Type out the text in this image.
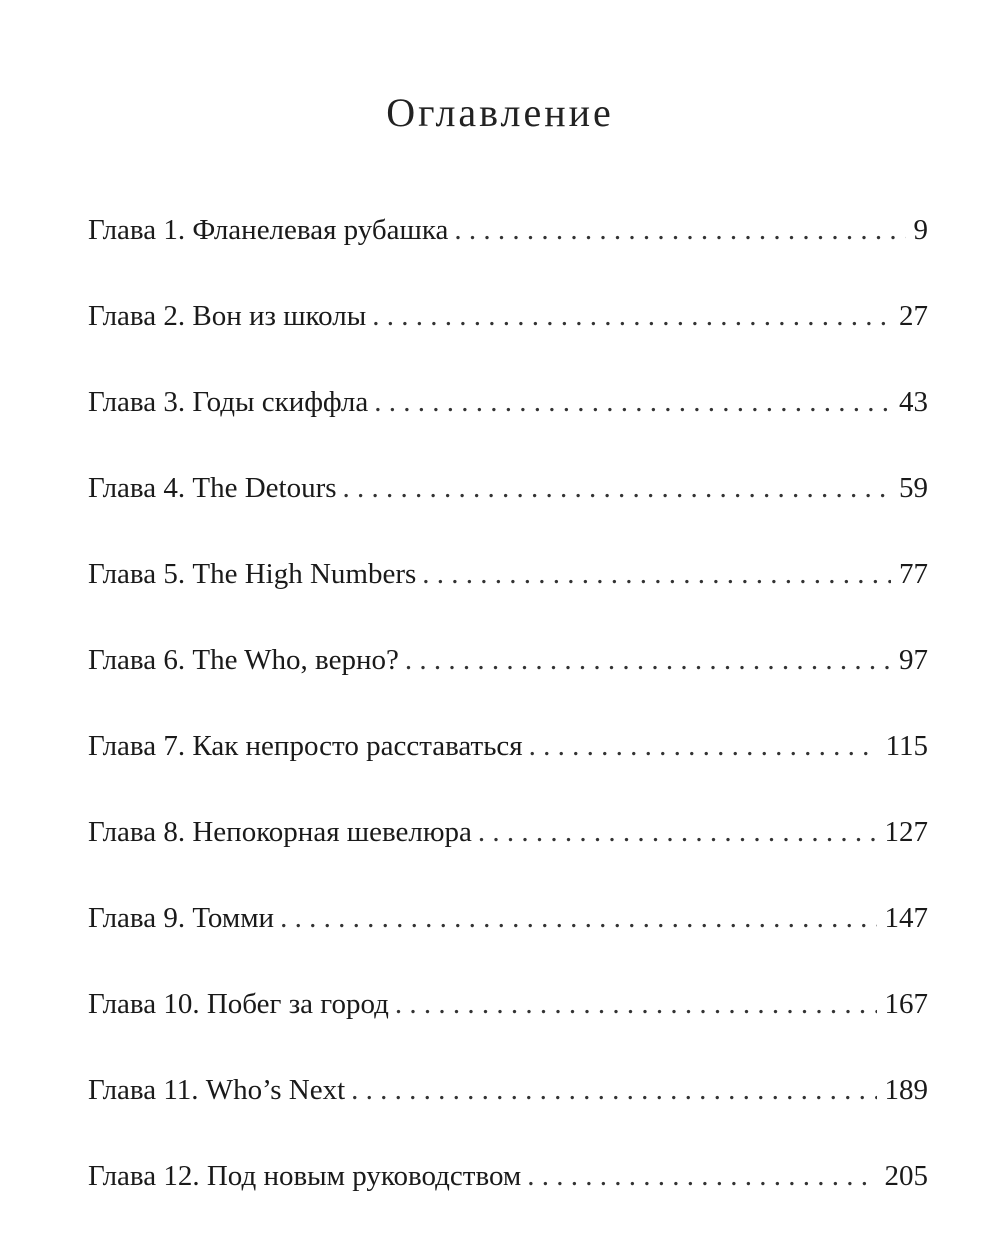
Оглавление
Глава 1. Фланелевая рубашка . . .	9
Глава 2. Вон из школы . . .	27
Глава 3. Годы скиффла . . .	43
Глава 4. The Detours . . .	59
Глава 5. The High Numbers . . .	77
Глава 6. The Who, верно? . . .	97
Глава 7. Как непросто расставаться . . .	115
Глава 8. Непокорная шевелюра . . .	127
Глава 9. Томми . . .	147
Глава 10. Побег за город . . .	167
Глава 11. Who’s Next . . .	189
Глава 12. Под новым руководством . . .	205
